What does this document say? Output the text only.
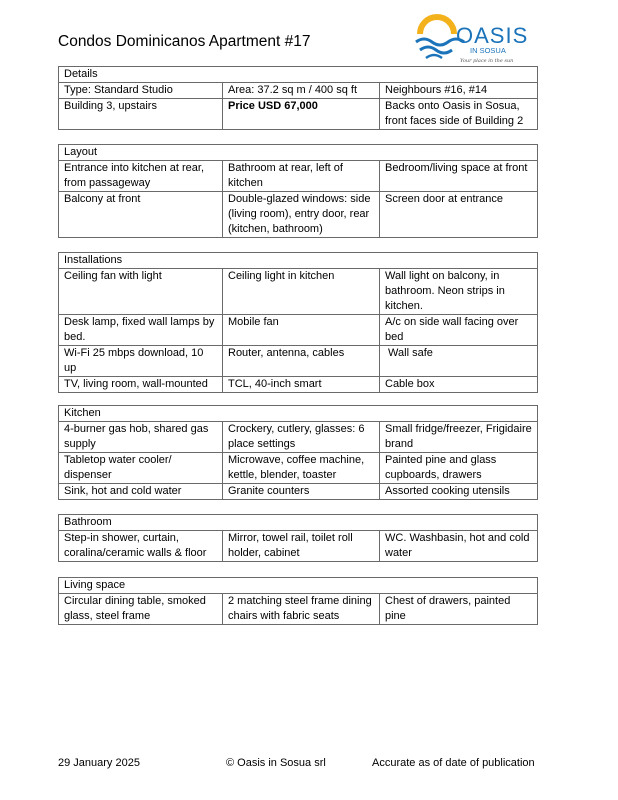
Condos Dominicanos Apartment #17	OASIS
IN SOSUA
Your place in the sun
Details		
Type: Standard Studio	Area: 37.2 sq m / 400 sq ft	Neighbours #16, #14
Building 3, upstairs	Price USD 67,000	Backs onto Oasis in Sosua, front faces side of Building 2
Layout		
Entrance into kitchen at rear, from passageway	Bathroom at rear, left of kitchen	Bedroom/living space at front
Balcony at front	Double-glazed windows: side (living room), entry door, rear (kitchen, bathroom)	Screen door at entrance
Installations		
Ceiling fan with light	Ceiling light in kitchen	Wall light on balcony, in bathroom. Neon strips in kitchen.
Desk lamp, fixed wall lamps by bed.	Mobile fan	A/c on side wall facing over bed
Wi-Fi 25 mbps download, 10 up	Router, antenna, cables	Wall safe
TV, living room, wall-mounted	TCL, 40-inch smart	Cable box
Kitchen		
4-burner gas hob, shared gas supply	Crockery, cutlery, glasses: 6 place settings	Small fridge/freezer, Frigidaire brand
Tabletop water cooler/ dispenser	Microwave, coffee machine, kettle, blender, toaster	Painted pine and glass cupboards, drawers
Sink, hot and cold water	Granite counters	Assorted cooking utensils
Bathroom
Step-in shower, curtain, coralina/ceramic walls & floor	Mirror, towel rail, toilet roll holder, cabinet	WC. Washbasin, hot and cold water
Living space
Circular dining table, smoked glass, steel frame	2 matching steel frame dining chairs with fabric seats	Chest of drawers, painted pine
29 January 2025	© Oasis in Sosua srl	Accurate as of date of publication
